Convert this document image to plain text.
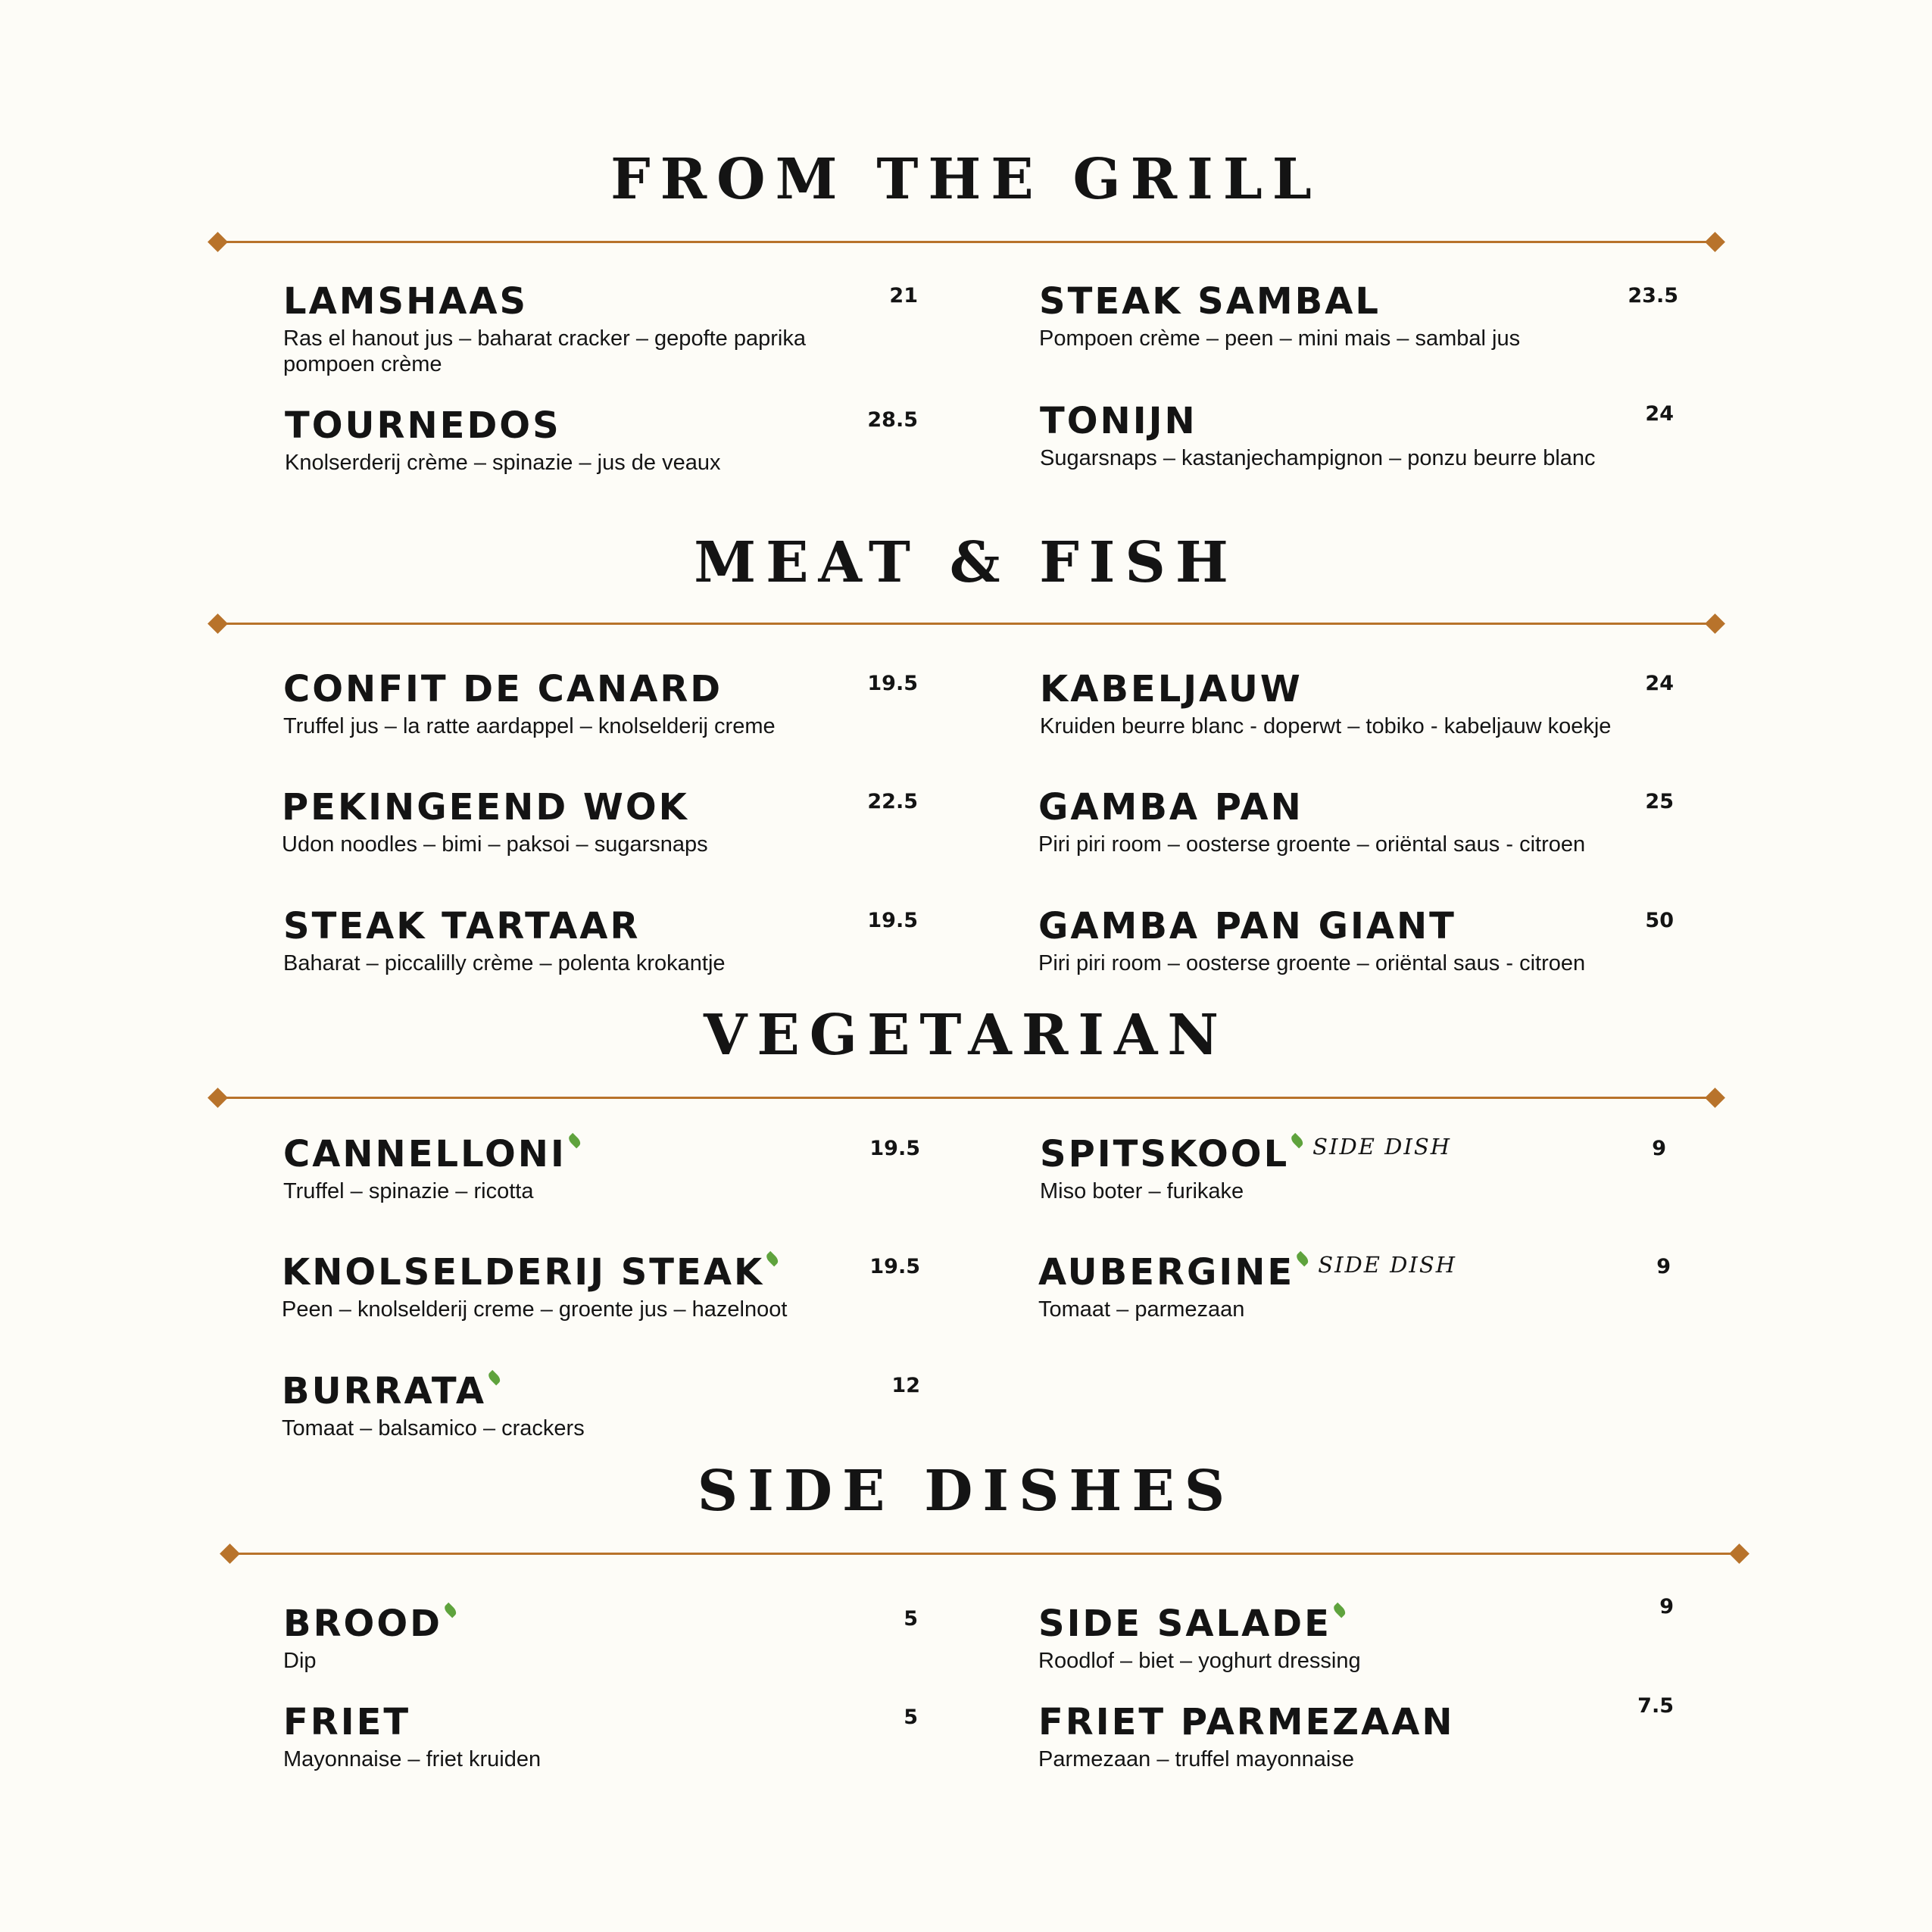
FROM THE GRILL
LAMSHAAS
Ras el hanout jus – baharat cracker – gepofte paprika
pompoen crème
21	STEAK SAMBAL
Pompoen crème – peen – mini mais – sambal jus
23.5
TOURNEDOS
Knolserderij crème – spinazie – jus de veaux
28.5	TONIJN
Sugarsnaps – kastanjechampignon – ponzu beurre blanc
24
MEAT & FISH
CONFIT DE CANARD
Truffel jus – la ratte aardappel – knolselderij creme
19.5	KABELJAUW
Kruiden beurre blanc - doperwt – tobiko - kabeljauw koekje
24
PEKINGEEND WOK
Udon noodles – bimi – paksoi – sugarsnaps
22.5	GAMBA PAN
Piri piri room – oosterse groente – oriëntal saus - citroen
25
STEAK TARTAAR
Baharat – piccalilly crème – polenta krokantje
19.5	GAMBA PAN GIANT
Piri piri room – oosterse groente – oriëntal saus - citroen
50
VEGETARIAN
CANNELLONI
Truffel – spinazie – ricotta
19.5	SPITSKOOL $^{SIDE DISH}$
Miso boter – furikake
9
KNOLSELDERIJ STEAK
Peen – knolselderij creme – groente jus – hazelnoot
19.5	AUBERGINE $^{SIDE DISH}$
Tomaat – parmezaan
9
BURRATA
Tomaat – balsamico – crackers
12
SIDE DISHES
BROOD
Dip
5	SIDE SALADE
Roodlof – biet – yoghurt dressing
9
FRIET
Mayonnaise – friet kruiden
5	FRIET PARMEZAAN
Parmezaan – truffel mayonnaise
7.5
